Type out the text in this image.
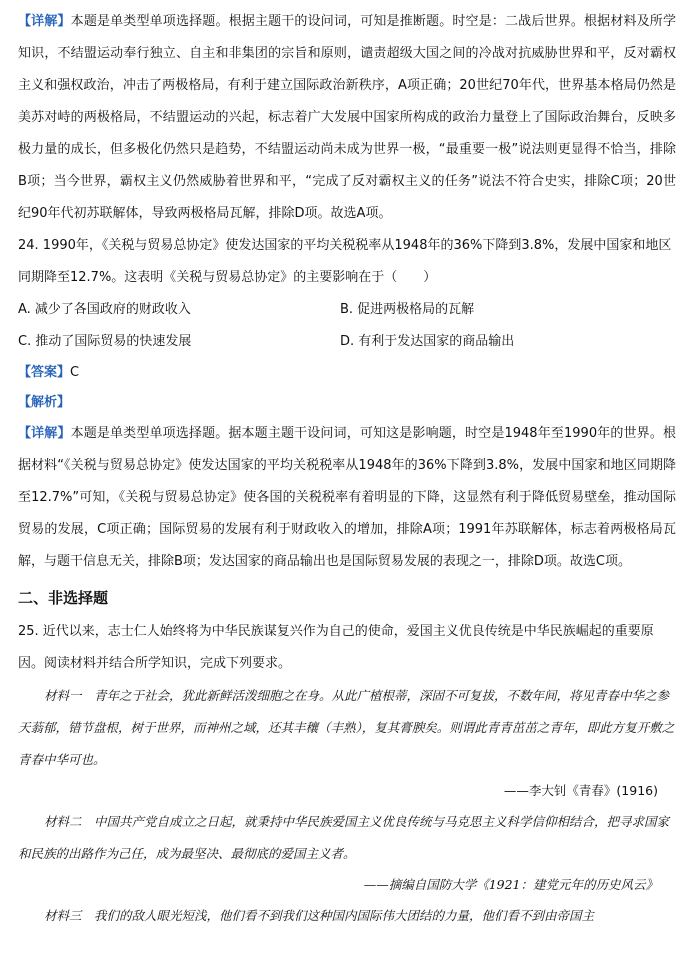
【详解】本题是单类型单项选择题。根据主题干的设问词，可知是推断题。时空是：二战后世界。根据材料及所学知识，不结盟运动奉行独立、自主和非集团的宗旨和原则，谴责超级大国之间的冷战对抗威胁世界和平，反对霸权主义和强权政治，冲击了两极格局，有利于建立国际政治新秩序，A项正确；20世纪70年代，世界基本格局仍然是美苏对峙的两极格局，不结盟运动的兴起，标志着广大发展中国家所构成的政治力量登上了国际政治舞台，反映多极力量的成长，但多极化仍然只是趋势，不结盟运动尚未成为世界一极，“最重要一极”说法则更显得不恰当，排除B项；当今世界，霸权主义仍然威胁着世界和平，“完成了反对霸权主义的任务”说法不符合史实，排除C项；20世纪90年代初苏联解体，导致两极格局瓦解，排除D项。故选A项。

24. 1990年，《关税与贸易总协定》使发达国家的平均关税税率从1948年的36%下降到3.8%，发展中国家和地区同期降至12.7%。这表明《关税与贸易总协定》的主要影响在于（　　）

A. 减少了各国政府的财政收入	B. 促进两极格局的瓦解
C. 推动了国际贸易的快速发展	D. 有利于发达国家的商品输出

【答案】C

【解析】

【详解】本题是单类型单项选择题。据本题主题干设问词，可知这是影响题，时空是1948年至1990年的世界。根据材料“《关税与贸易总协定》使发达国家的平均关税税率从1948年的36%下降到3.8%，发展中国家和地区同期降至12.7%”可知，《关税与贸易总协定》使各国的关税税率有着明显的下降，这显然有利于降低贸易壁垒，推动国际贸易的发展，C项正确；国际贸易的发展有利于财政收入的增加，排除A项；1991年苏联解体，标志着两极格局瓦解，与题干信息无关，排除B项；发达国家的商品输出也是国际贸易发展的表现之一，排除D项。故选C项。

二、非选择题

25. 近代以来，志士仁人始终将为中华民族谋复兴作为自己的使命，爱国主义优良传统是中华民族崛起的重要原因。阅读材料并结合所学知识，完成下列要求。

材料一　青年之于社会，犹此新鲜活泼细胞之在身。从此广植根蒂，深固不可复拔，不数年间，将见青春中华之参天蓊郁，错节盘根，树于世界，而神州之域，还其丰穰（丰熟），复其膏腴矣。则谓此青青茁茁之青年，即此方复开敷之青春中华可也。

——李大钊《青春》(1916)

材料二　中国共产党自成立之日起，就秉持中华民族爱国主义优良传统与马克思主义科学信仰相结合，把寻求国家和民族的出路作为己任，成为最坚决、最彻底的爱国主义者。

——摘编自国防大学《1921：建党元年的历史风云》

材料三　我们的敌人眼光短浅，他们看不到我们这种国内国际伟大团结的力量，他们看不到由帝国主
